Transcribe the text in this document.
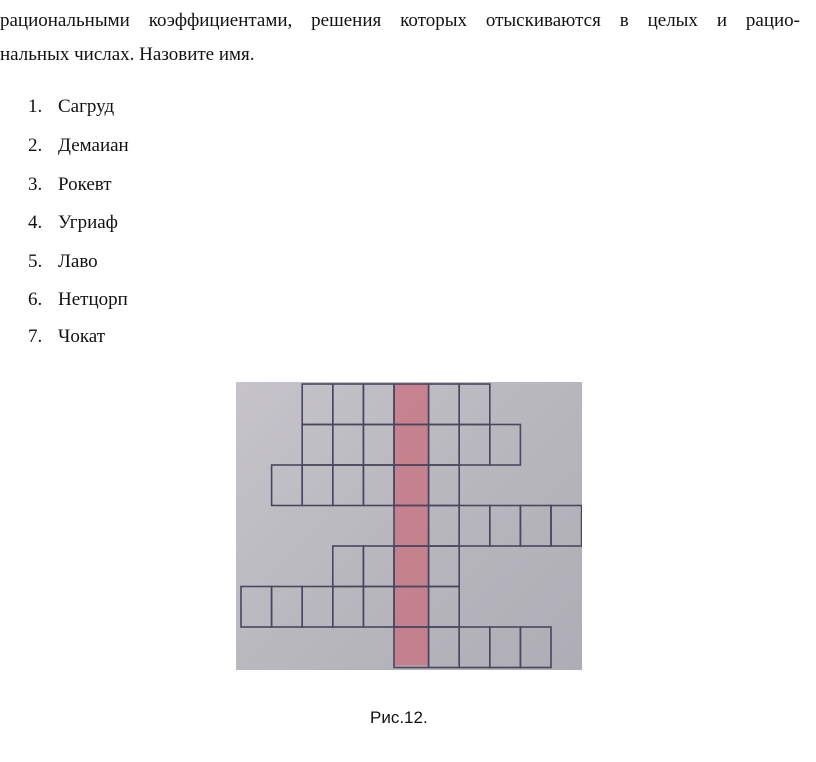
рациональными коэффициентами, решения которых отыскиваются в целых и рацио-
нальных числах. Назовите имя.
1. Сагруд
2. Демаиан
3. Рокевт
4. Угриаф
5. Лаво
6. Нетцорп
7. Чокат
Рис.12.
